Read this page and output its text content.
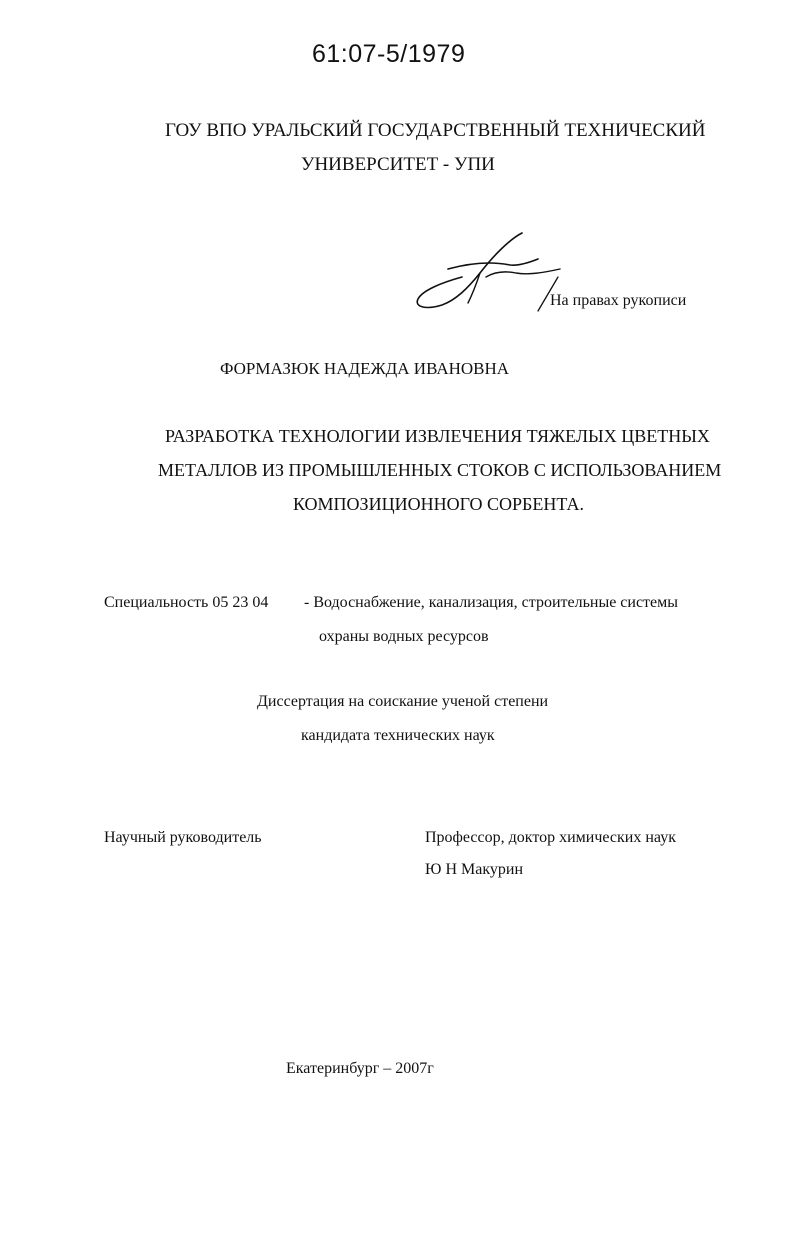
61:07-5/1979
ГОУ ВПО УРАЛЬСКИЙ ГОСУДАРСТВЕННЫЙ ТЕХНИЧЕСКИЙ
УНИВЕРСИТЕТ - УПИ
На правах рукописи
ФОРМАЗЮК НАДЕЖДА ИВАНОВНА
РАЗРАБОТКА ТЕХНОЛОГИИ ИЗВЛЕЧЕНИЯ ТЯЖЕЛЫХ ЦВЕТНЫХ
МЕТАЛЛОВ ИЗ ПРОМЫШЛЕННЫХ СТОКОВ С ИСПОЛЬЗОВАНИЕМ
КОМПОЗИЦИОННОГО СОРБЕНТА.
Специальность 05 23 04 - Водоснабжение, канализация, строительные системы
охраны водных ресурсов
Диссертация на соискание ученой степени
кандидата технических наук
Научный руководитель	Профессор, доктор химических наук
Ю Н Макурин
Екатеринбург – 2007г
